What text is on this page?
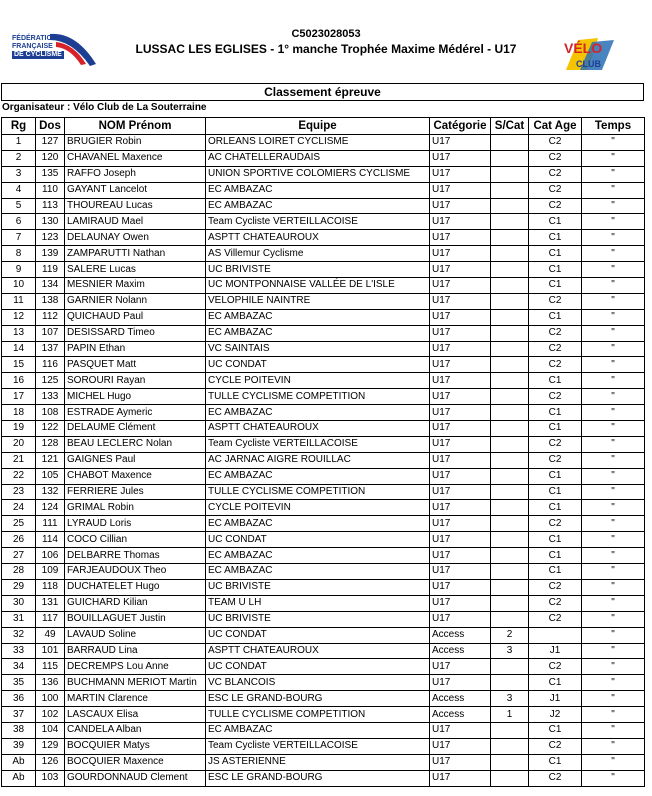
FÉDÉRATION
FRANÇAISE
DE CYCLISME
C5023028053
LUSSAC LES EGLISES - 1° manche Trophée Maxime Médérel - U17	VÉLO
CLUB
Classement épreuve
Organisateur : Vélo Club de La Souterraine
Rg	Dos	NOM Prénom	Equipe	Catégorie	S/Cat	Cat Age	Temps
1	127	BRUGIER Robin	ORLEANS LOIRET CYCLISME	U17		C2	"
2	120	CHAVANEL Maxence	AC CHATELLERAUDAIS	U17		C2	"
3	135	RAFFO Joseph	UNION SPORTIVE COLOMIERS CYCLISME	U17		C2	"
4	110	GAYANT Lancelot	EC AMBAZAC	U17		C2	"
5	113	THOUREAU Lucas	EC AMBAZAC	U17		C2	"
6	130	LAMIRAUD Mael	Team Cycliste VERTEILLACOISE	U17		C1	"
7	123	DELAUNAY Owen	ASPTT CHATEAUROUX	U17		C1	"
8	139	ZAMPARUTTI Nathan	AS Villemur Cyclisme	U17		C1	"
9	119	SALERE Lucas	UC BRIVISTE	U17		C1	"
10	134	MESNIER Maxim	UC MONTPONNAISE VALLÉE DE L'ISLE	U17		C1	"
11	138	GARNIER Nolann	VELOPHILE NAINTRE	U17		C2	"
12	112	QUICHAUD Paul	EC AMBAZAC	U17		C1	"
13	107	DESISSARD Timeo	EC AMBAZAC	U17		C2	"
14	137	PAPIN Ethan	VC SAINTAIS	U17		C2	"
15	116	PASQUET Matt	UC CONDAT	U17		C2	"
16	125	SOROURI Rayan	CYCLE POITEVIN	U17		C1	"
17	133	MICHEL Hugo	TULLE CYCLISME COMPETITION	U17		C2	"
18	108	ESTRADE Aymeric	EC AMBAZAC	U17		C1	"
19	122	DELAUME Clément	ASPTT CHATEAUROUX	U17		C1	"
20	128	BEAU LECLERC Nolan	Team Cycliste VERTEILLACOISE	U17		C2	"
21	121	GAIGNES Paul	AC JARNAC AIGRE ROUILLAC	U17		C2	"
22	105	CHABOT Maxence	EC AMBAZAC	U17		C1	"
23	132	FERRIERE Jules	TULLE CYCLISME COMPETITION	U17		C1	"
24	124	GRIMAL Robin	CYCLE POITEVIN	U17		C1	"
25	111	LYRAUD Loris	EC AMBAZAC	U17		C2	"
26	114	COCO Cillian	UC CONDAT	U17		C1	"
27	106	DELBARRE Thomas	EC AMBAZAC	U17		C1	"
28	109	FARJEAUDOUX Theo	EC AMBAZAC	U17		C1	"
29	118	DUCHATELET Hugo	UC BRIVISTE	U17		C2	"
30	131	GUICHARD Kilian	TEAM U LH	U17		C2	"
31	117	BOUILLAGUET Justin	UC BRIVISTE	U17		C2	"
32	49	LAVAUD Soline	UC CONDAT	Access	2		"
33	101	BARRAUD Lina	ASPTT CHATEAUROUX	Access	3	J1	"
34	115	DECREMPS Lou Anne	UC CONDAT	U17		C2	"
35	136	BUCHMANN MERIOT Martin	VC BLANCOIS	U17		C1	"
36	100	MARTIN Clarence	ESC LE GRAND-BOURG	Access	3	J1	"
37	102	LASCAUX Elisa	TULLE CYCLISME COMPETITION	Access	1	J2	"
38	104	CANDELA Alban	EC AMBAZAC	U17		C1	"
39	129	BOCQUIER Matys	Team Cycliste VERTEILLACOISE	U17		C2	"
Ab	126	BOCQUIER Maxence	JS ASTERIENNE	U17		C1	"
Ab	103	GOURDONNAUD Clement	ESC LE GRAND-BOURG	U17		C2	"
